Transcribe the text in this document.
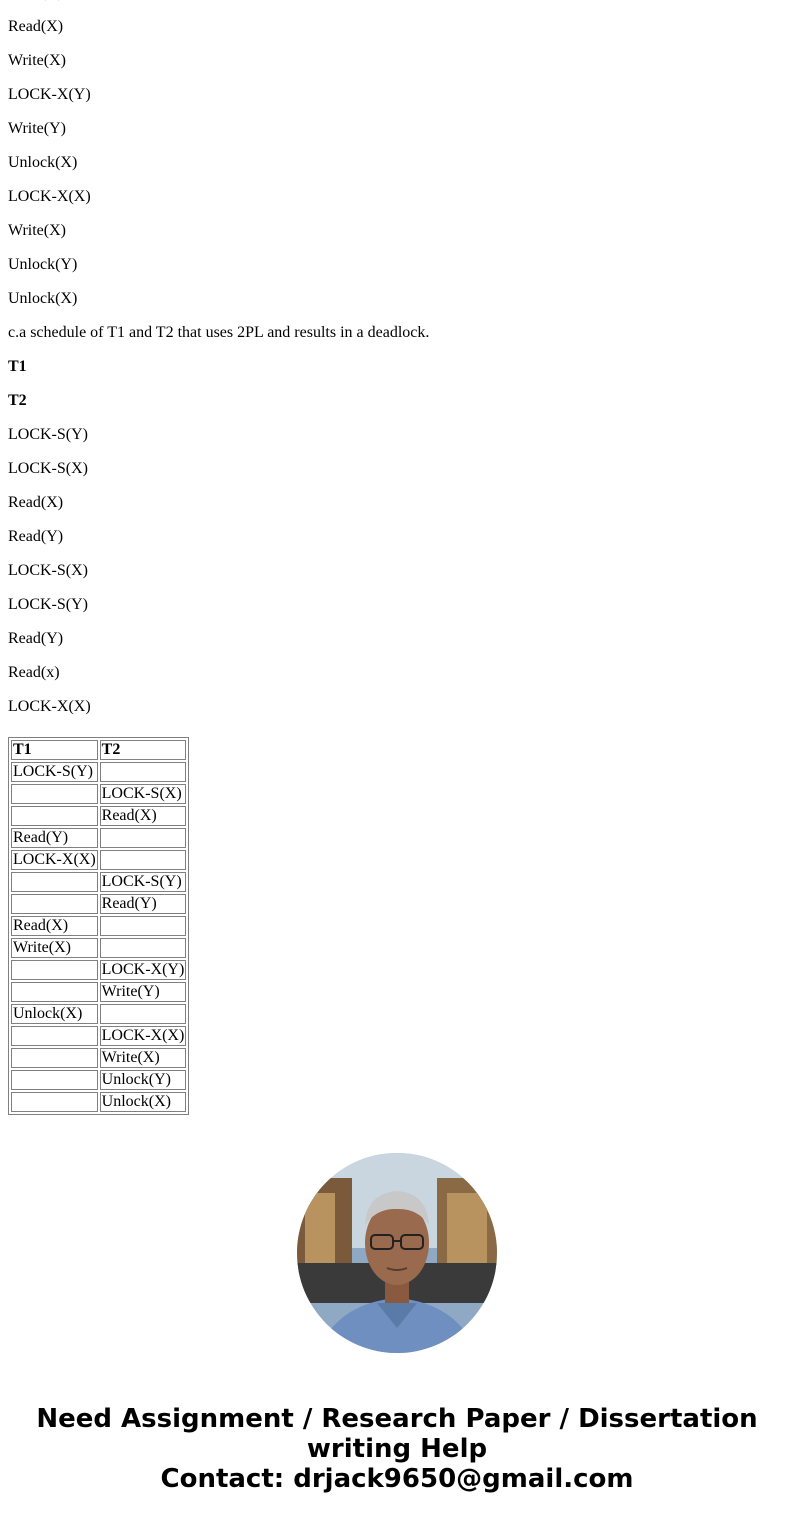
Read(X)

Write(X)

LOCK-X(Y)

Write(Y)

Unlock(X)

LOCK-X(X)

Write(X)

Unlock(Y)

Unlock(X)

c.a schedule of T1 and T2 that uses 2PL and results in a deadlock.

T1

T2

LOCK-S(Y)

LOCK-S(X)

Read(X)

Read(Y)

LOCK-S(X)

LOCK-S(Y)

Read(Y)

Read(x)

LOCK-X(X)

T1	T2
LOCK-S(Y)	
	LOCK-S(X)
	Read(X)
Read(Y)	
LOCK-X(X)	
	LOCK-S(Y)
	Read(Y)
Read(X)	
Write(X)	
	LOCK-X(Y)
	Write(Y)
Unlock(X)	
	LOCK-X(X)
	Write(X)
	Unlock(Y)
	Unlock(X)
Need Assignment / Research Paper / Dissertation
writing Help
Contact: drjack9650@gmail.com
